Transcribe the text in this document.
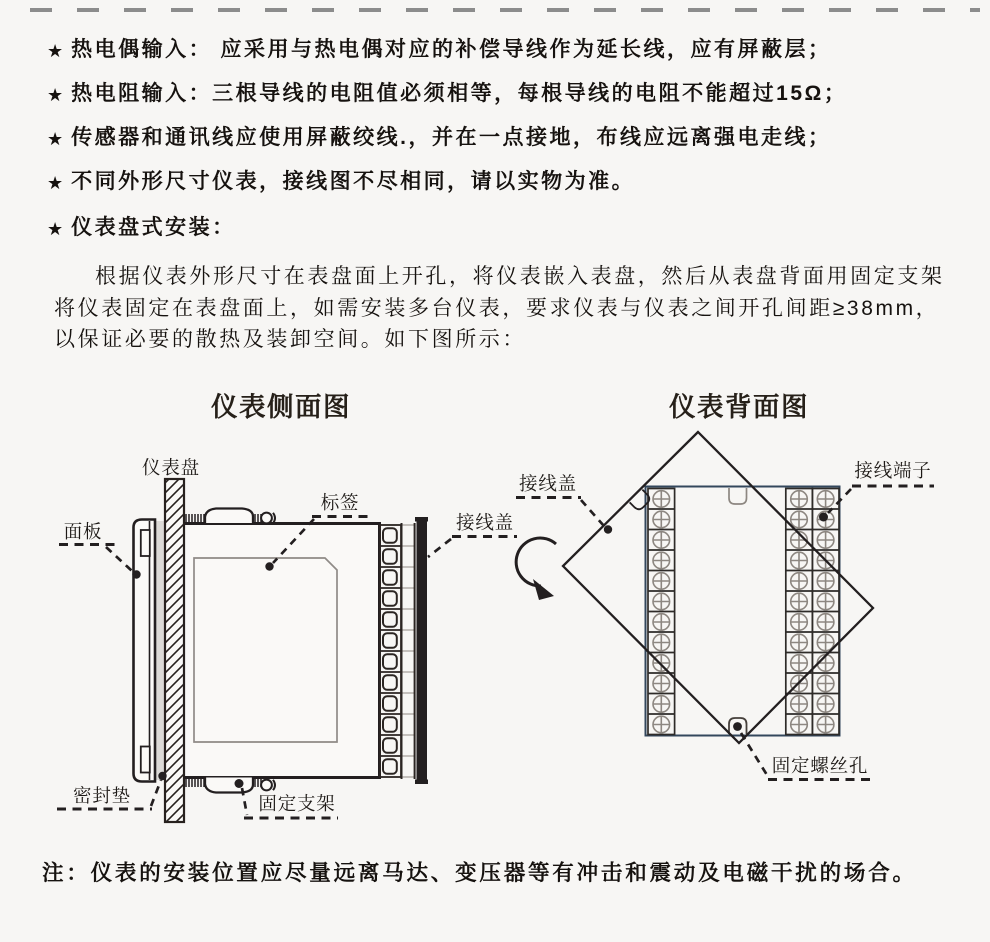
★ 热电偶输入： 应采用与热电偶对应的补偿导线作为延长线，应有屏蔽层；
★ 热电阻输入：三根导线的电阻值必须相等，每根导线的电阻不能超过15Ω；
★ 传感器和通讯线应使用屏蔽绞线.，并在一点接地，布线应远离强电走线；
★ 不同外形尺寸仪表，接线图不尽相同，请以实物为准。
★ 仪表盘式安装：
根据仪表外形尺寸在表盘面上开孔，将仪表嵌入表盘，然后从表盘背面用固定支架
将仪表固定在表盘面上，如需安装多台仪表，要求仪表与仪表之间开孔间距≥38mm，
以保证必要的散热及装卸空间。如下图所示：
仪表侧面图
仪表盘
面板
标签
接线盖
密封垫	固定支架
仪表背面图
接线盖
接线端子
固定螺丝孔
注：仪表的安装位置应尽量远离马达、变压器等有冲击和震动及电磁干扰的场合。
